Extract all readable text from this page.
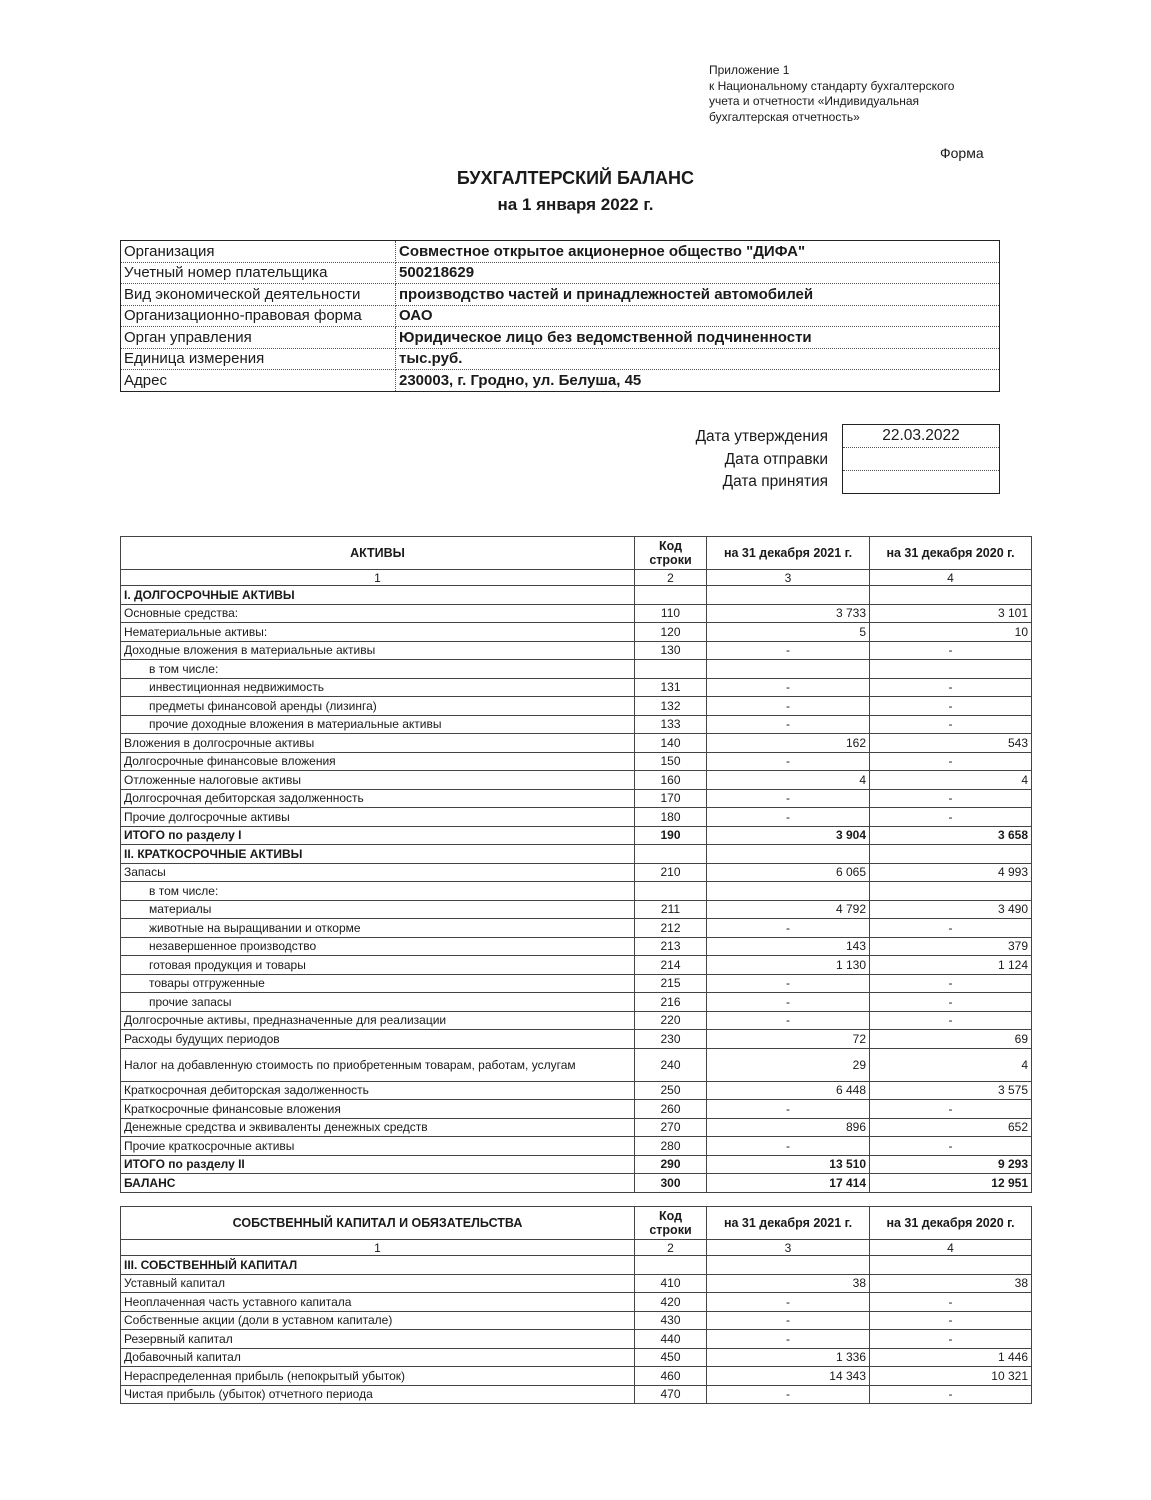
Приложение 1
к Национальному стандарту бухгалтерского
учета и отчетности «Индивидуальная
бухгалтерская отчетность»
Форма
БУХГАЛТЕРСКИЙ БАЛАНС
на 1 января 2022 г.
Организация	Совместное открытое акционерное общество "ДИФА"
Учетный номер плательщика	500218629
Вид экономической деятельности	производство частей и принадлежностей автомобилей
Организационно-правовая форма	ОАО
Орган управления	Юридическое лицо без ведомственной подчиненности
Единица измерения	тыс.руб.
Адрес	230003, г. Гродно, ул. Белуша, 45
Дата утверждения
Дата отправки
Дата принятия
22.03.2022
АКТИВЫ	Код строки	на 31 декабря 2021 г.	на 31 декабря 2020 г.
1	2	3	4
I. ДОЛГОСРОЧНЫЕ АКТИВЫ			
Основные средства:	110	3 733	3 101
Нематериальные активы:	120	5	10
Доходные вложения в материальные активы	130	-	-
в том числе:			
инвестиционная недвижимость	131	-	-
предметы финансовой аренды (лизинга)	132	-	-
прочие доходные вложения в материальные активы	133	-	-
Вложения в долгосрочные активы	140	162	543
Долгосрочные финансовые вложения	150	-	-
Отложенные налоговые активы	160	4	4
Долгосрочная дебиторская задолженность	170	-	-
Прочие долгосрочные активы	180	-	-
ИТОГО по разделу I	190	3 904	3 658
II. КРАТКОСРОЧНЫЕ АКТИВЫ			
Запасы	210	6 065	4 993
в том числе:			
материалы	211	4 792	3 490
животные на выращивании и откорме	212	-	-
незавершенное производство	213	143	379
готовая продукция и товары	214	1 130	1 124
товары отгруженные	215	-	-
прочие запасы	216	-	-
Долгосрочные активы, предназначенные для реализации	220	-	-
Расходы будущих периодов	230	72	69
Налог на добавленную стоимость по приобретенным товарам, работам, услугам	240	29	4
Краткосрочная дебиторская задолженность	250	6 448	3 575
Краткосрочные финансовые вложения	260	-	-
Денежные средства и эквиваленты денежных средств	270	896	652
Прочие краткосрочные активы	280	-	-
ИТОГО по разделу II	290	13 510	9 293
БАЛАНС	300	17 414	12 951
СОБСТВЕННЫЙ КАПИТАЛ И ОБЯЗАТЕЛЬСТВА	Код строки	на 31 декабря 2021 г.	на 31 декабря 2020 г.
1	2	3	4
III. СОБСТВЕННЫЙ КАПИТАЛ			
Уставный капитал	410	38	38
Неоплаченная часть уставного капитала	420	-	-
Собственные акции (доли в уставном капитале)	430	-	-
Резервный капитал	440	-	-
Добавочный капитал	450	1 336	1 446
Нераспределенная прибыль (непокрытый убыток)	460	14 343	10 321
Чистая прибыль (убыток) отчетного периода	470	-	-
